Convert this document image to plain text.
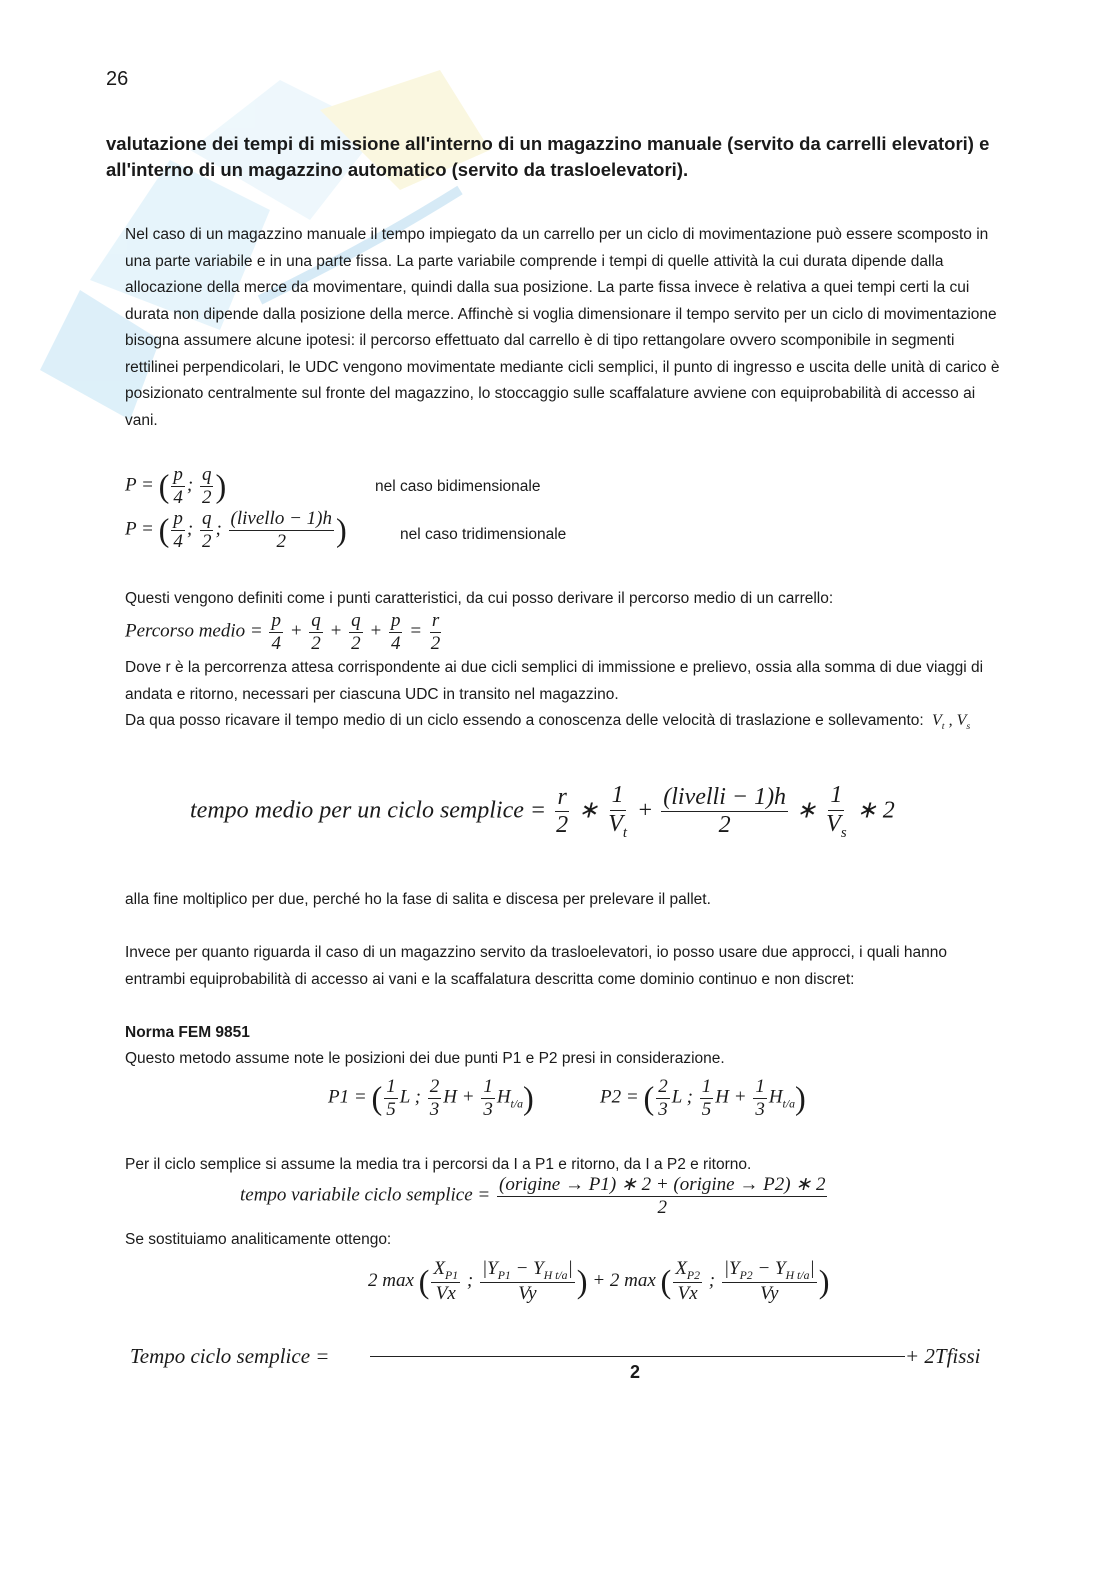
26
valutazione dei tempi di missione all'interno di un magazzino manuale (servito da carrelli elevatori) e all'interno di un magazzino automatico (servito da trasloelevatori).
Nel caso di un magazzino manuale il tempo impiegato da un carrello per un ciclo di movimentazione può essere scomposto in una parte variabile e in una parte fissa. La parte variabile comprende i tempi di quelle attività la cui durata dipende dalla allocazione della merce da movimentare, quindi dalla sua posizione. La parte fissa invece è relativa a quei tempi certi la cui durata non dipende dalla posizione della merce. Affinchè si voglia dimensionare il tempo servito per un ciclo di movimentazione bisogna assumere alcune ipotesi: il percorso effettuato dal carrello è di tipo rettangolare ovvero scomponibile in segmenti rettilinei perpendicolari, le UDC vengono movimentate mediante cicli semplici, il punto di ingresso e uscita delle unità di carico è posizionato centralmente sul fronte del magazzino, lo stoccaggio sulle scaffalature avviene con equiprobabilità di accesso ai vani.
P = ( $\frac{p}{4}$ ; $\frac{q}{2}$ )	nel caso bidimensionale
P = ( $\frac{p}{4}$ ; $\frac{q}{2}$ ; $\frac{\text{(livello − 1)h}}{2}$ )	nel caso tridimensionale
Questi vengono definiti come i punti caratteristici, da cui posso derivare il percorso medio di un carrello:
Percorso medio = $\frac{p}{4} + \frac{q}{2} + \frac{q}{2} + \frac{p}{4} = \frac{r}{2}$
Dove r è la percorrenza attesa corrispondente ai due cicli semplici di immissione e prelievo, ossia alla somma di due viaggi di andata e ritorno, necessari per ciascuna UDC in transito nel magazzino.
Da qua posso ricavare il tempo medio di un ciclo essendo a conoscenza delle velocità di traslazione e sollevamento:  $V_t$ , $V_s$
tempo medio per un ciclo semplice = $\frac{r}{2}$ ∗ $\frac{1}{V_t} + \frac{\text{(livelli − 1)h}}{2}$ ∗ $\frac{1}{V_s}$ ∗ 2
alla fine moltiplico per due, perché ho la fase di salita e discesa per prelevare il pallet.
Invece per quanto riguarda il caso di un magazzino servito da trasloelevatori, io posso usare due approcci, i quali hanno entrambi equiprobabilità di accesso ai vani e la scaffalatura descritta come dominio continuo e non discret:
Norma FEM 9851
Questo metodo assume note le posizioni dei due punti P1 e P2 presi in considerazione.
P1 = ( $\frac{1}{5}$ L ; $\frac{2}{3}$ $H + \frac{1}{3} H_{t/a}$)	P2 = ( $\frac{2}{3}$ L ; $\frac{1}{5}$ $H + \frac{1}{3} H_{t/a}$)
Per il ciclo semplice si assume la media tra i percorsi da I a P1 e ritorno, da I a P2 e ritorno.
tempo variabile ciclo semplice = $\frac{\text{(origine → P1) ∗ 2 + (origine → P2) ∗ 2}}{2}$
Se sostituiamo analiticamente ottengo:
2 max ( $\frac{X_{P1}}{Vx}$ ; $\frac{|Y_{P1} - Y_{H t/a}|}{Vy}$ ) + 2 max ( $\frac{X_{P2}}{Vx}$ ; $\frac{|Y_{P2} - Y_{H t/a}|}{Vy}$ )
Tempo ciclo semplice =	+ 2Tfissi
2
